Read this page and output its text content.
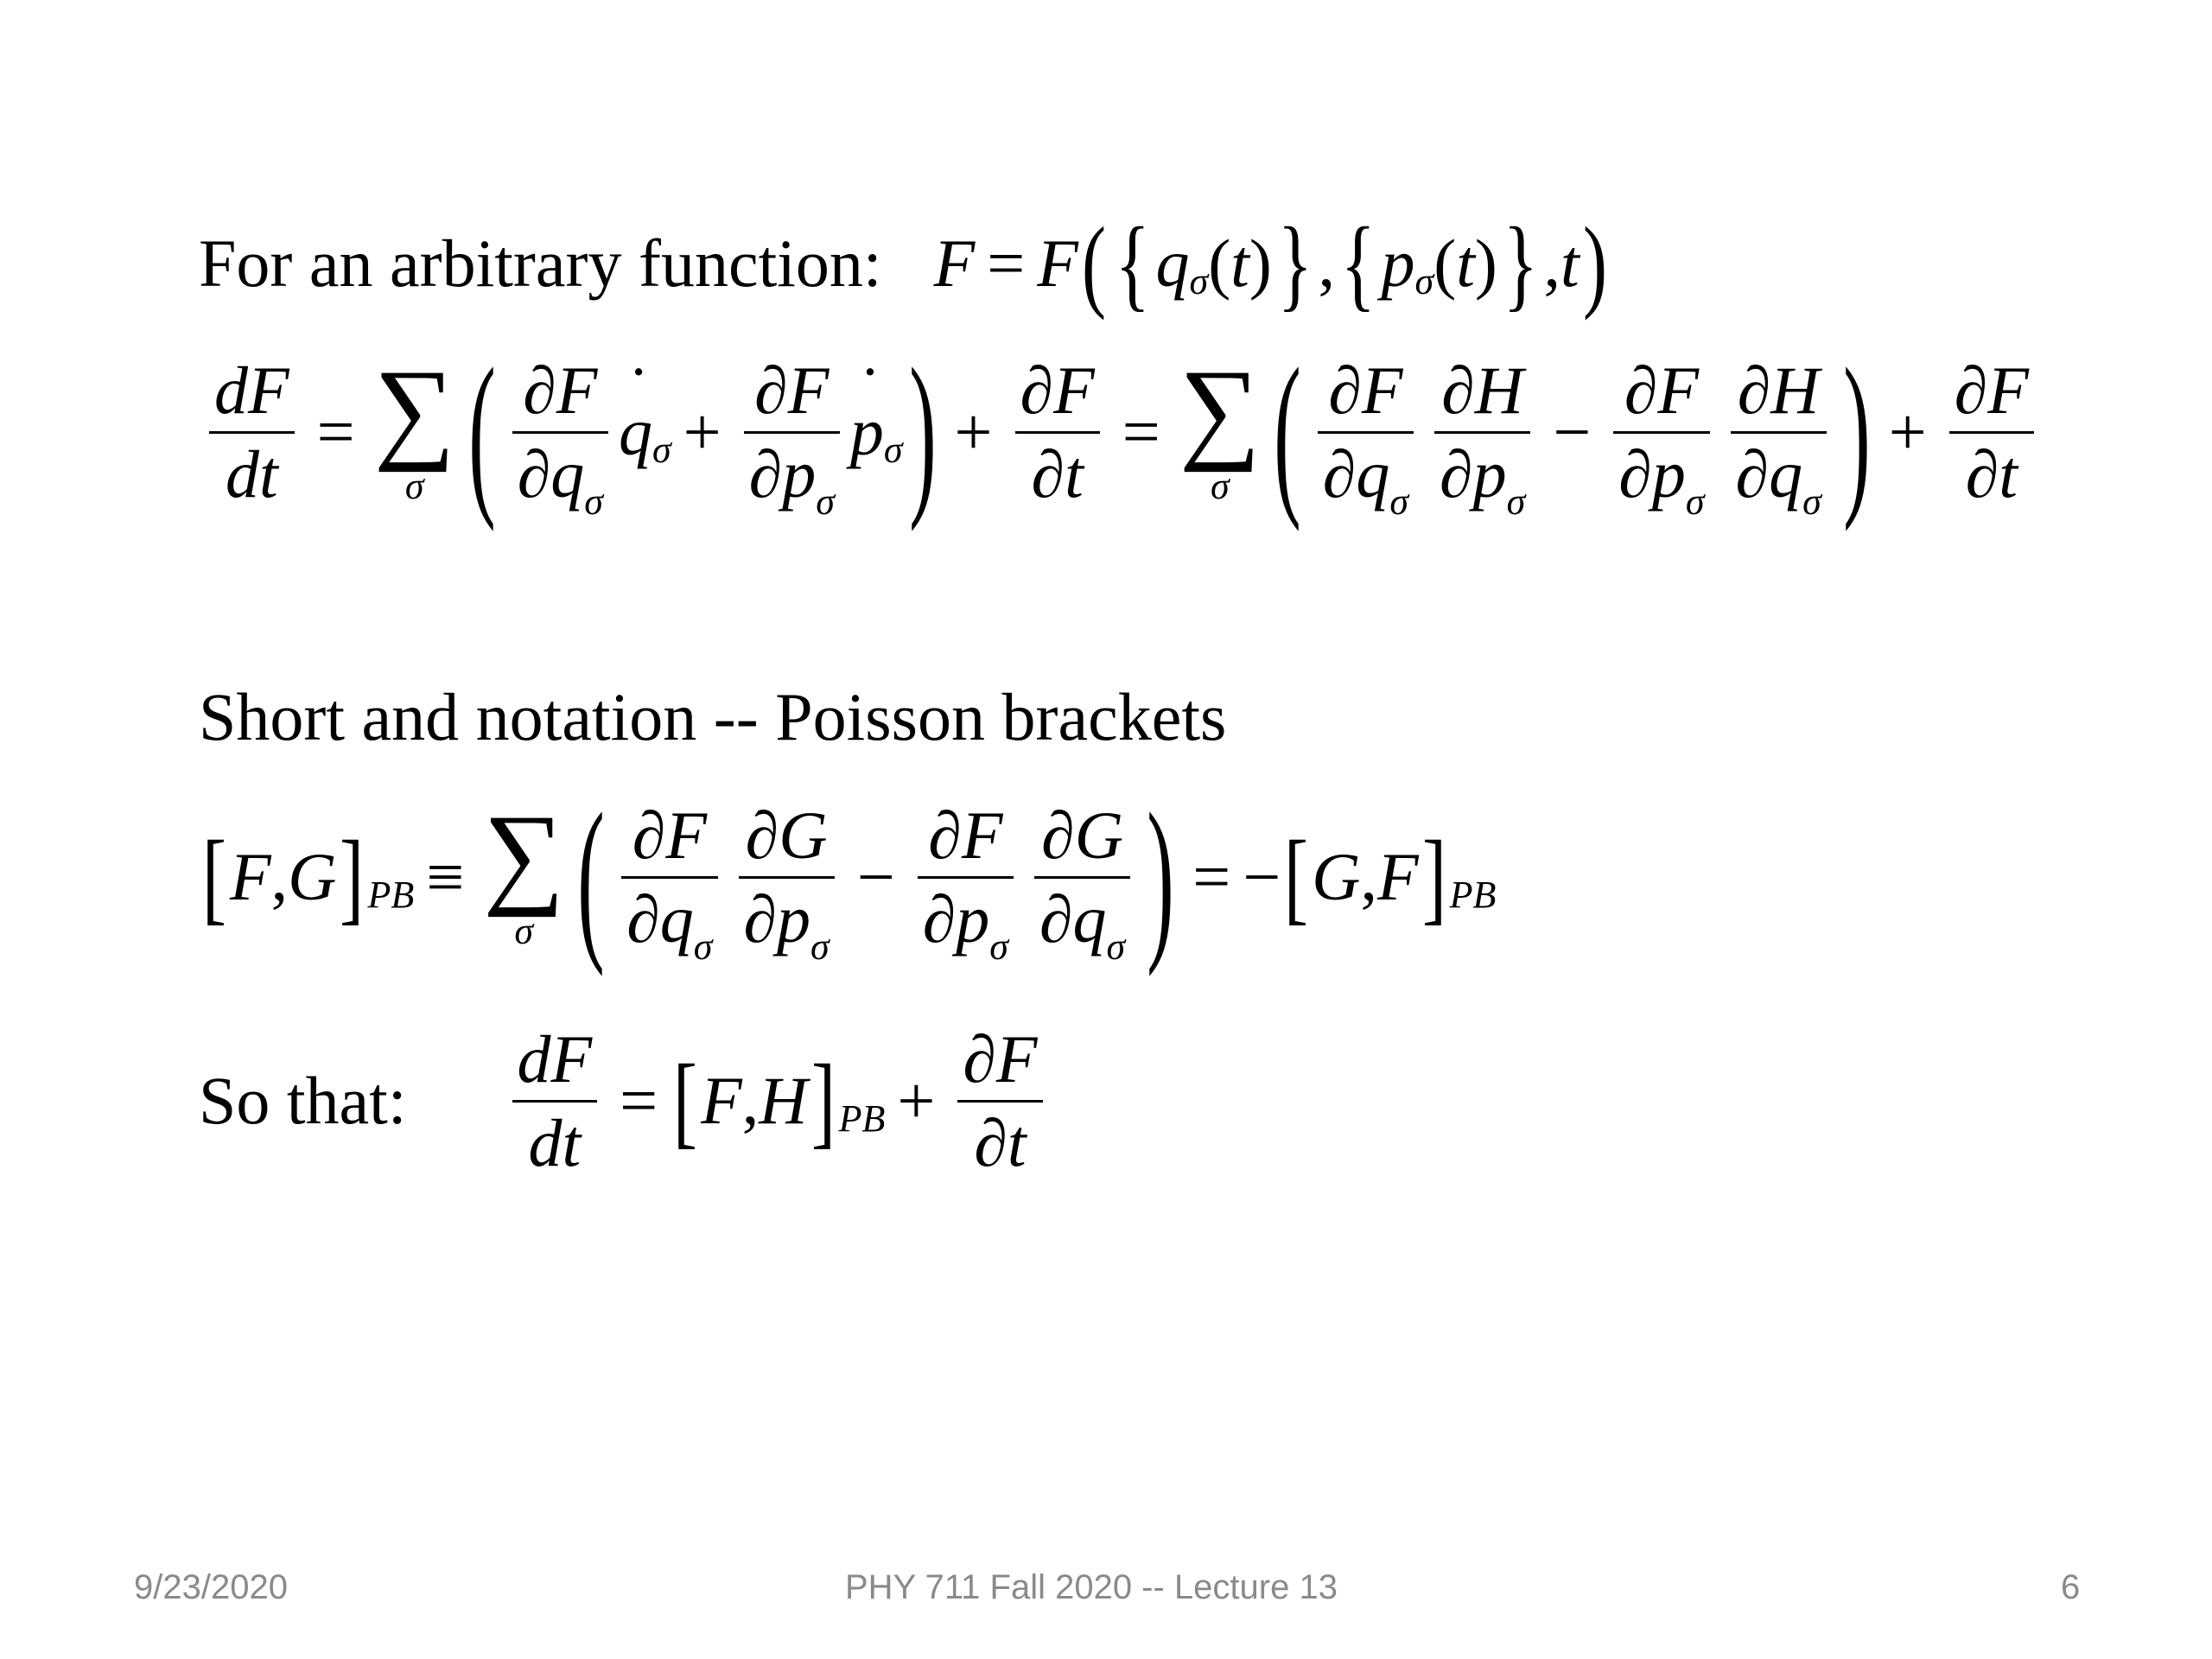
For an arbitrary function: F = F ( { q σ ( t ) } , { p σ ( t ) } , t )
$\frac{dF}{dt}$ = ∑
σ ( $\frac{\partial F}{\partial q_\sigma}$ ˙ q $\sigma + \frac{\partial F}{\partial p_\sigma}$ ˙ p σ ) + $\frac{\partial F}{\partial t}$ = ∑
σ ( $\frac{\partial F}{\partial q_\sigma} \frac{\partial H}{\partial p_\sigma} - \frac{\partial F}{\partial p_\sigma} \frac{\partial H}{\partial q_\sigma}$ ) + $\frac{\partial F}{\partial t}$
Short and notation -- Poisson brackets
[ F , G ] PB ≡ ∑
σ ( $\frac{\partial F}{\partial q_\sigma} \frac{\partial G}{\partial p_\sigma} - \frac{\partial F}{\partial p_\sigma} \frac{\partial G}{\partial q_\sigma}$ ) = − [ G , F ] PB
So that: $\frac{dF}{dt}$ = [ F , H ] PB + $\frac{\partial F}{\partial t}$
9/23/2020	PHY 711 Fall 2020 -- Lecture 13	6
